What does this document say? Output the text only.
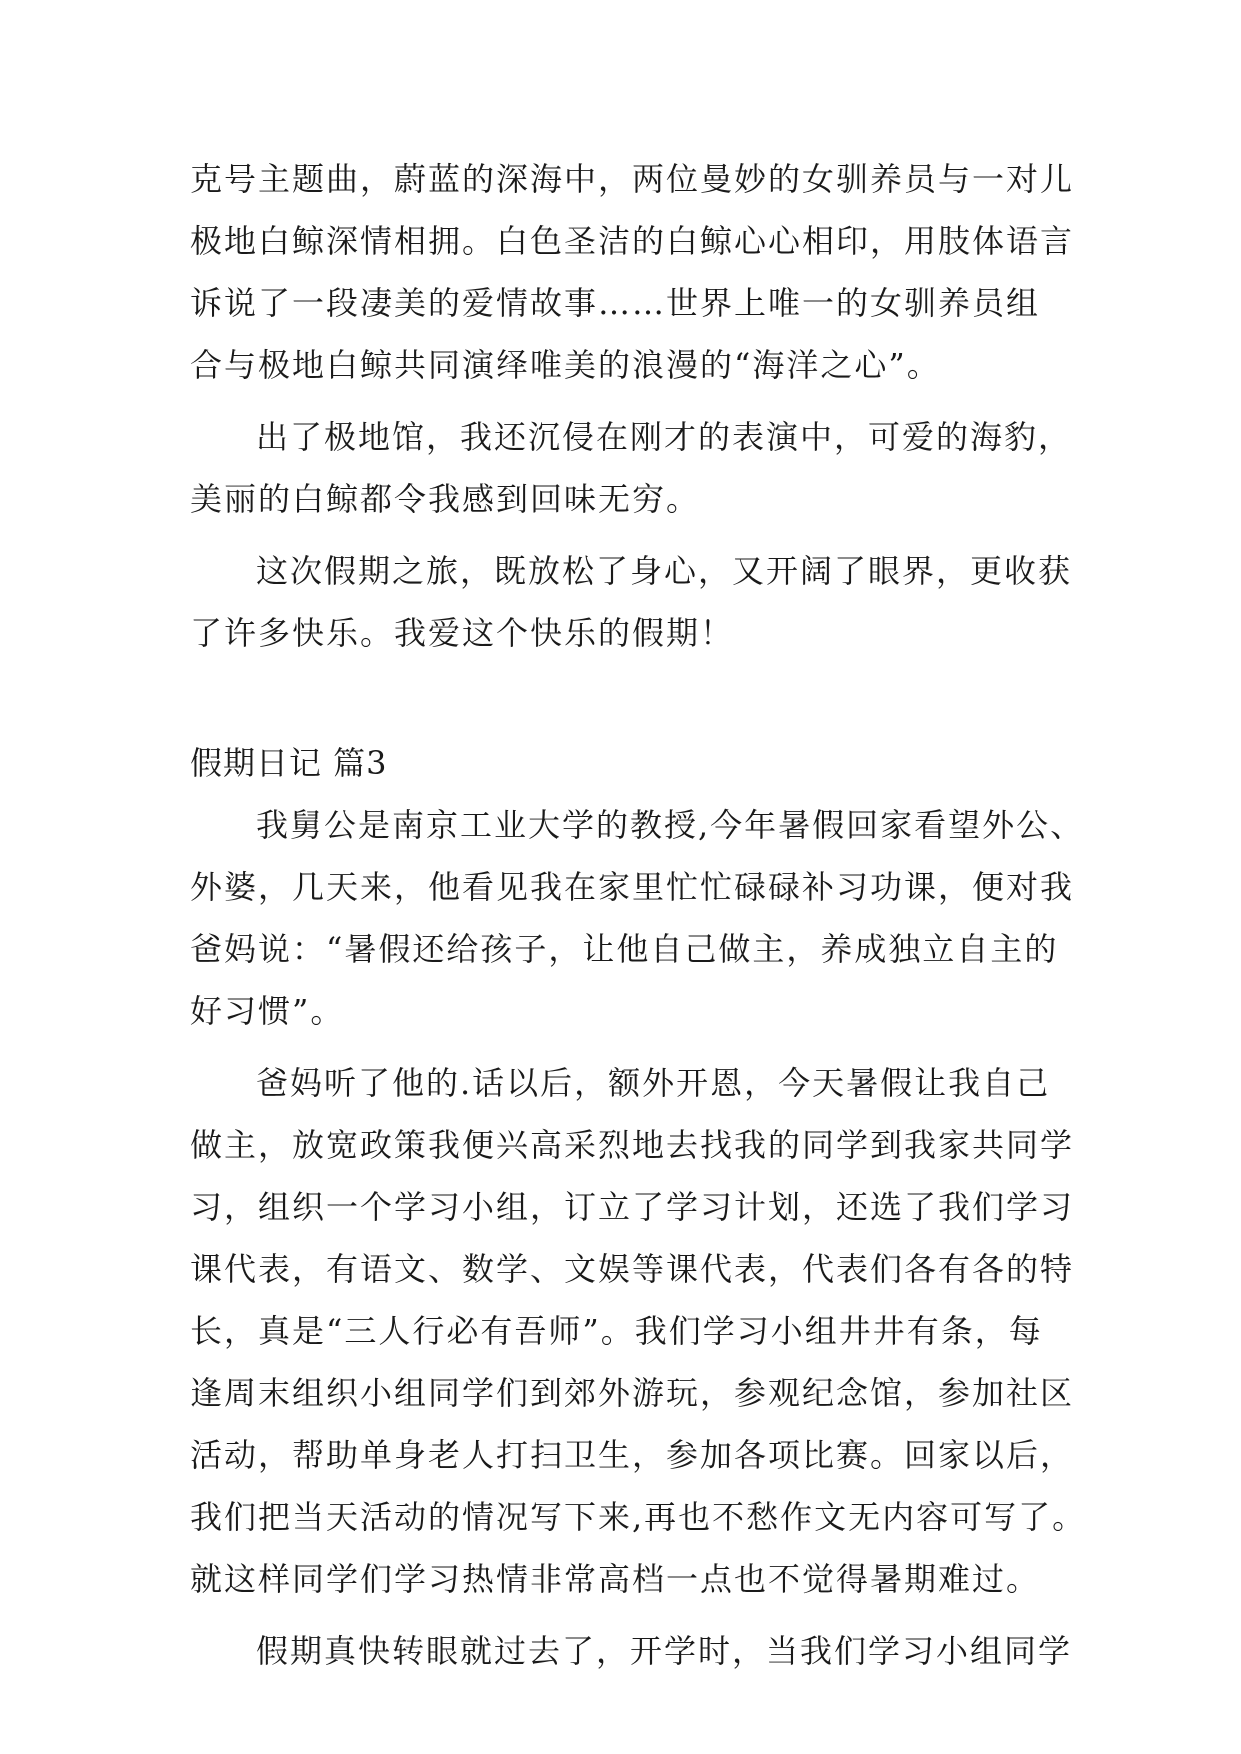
克号主题曲，蔚蓝的深海中，两位曼妙的女驯养员与一对儿
极地白鲸深情相拥。白色圣洁的白鲸心心相印，用肢体语言
诉说了一段凄美的爱情故事……世界上唯一的女驯养员组
合与极地白鲸共同演绎唯美的浪漫的“海洋之心”。
出了极地馆，我还沉侵在刚才的表演中，可爱的海豹，
美丽的白鲸都令我感到回味无穷。
这次假期之旅，既放松了身心，又开阔了眼界，更收获
了许多快乐。我爱这个快乐的假期！
假期日记 篇3
我舅公是南京工业大学的教授,今年暑假回家看望外公、
外婆，几天来，他看见我在家里忙忙碌碌补习功课，便对我
爸妈说：“暑假还给孩子，让他自己做主，养成独立自主的
好习惯”。
爸妈听了他的.话以后，额外开恩，今天暑假让我自己
做主，放宽政策我便兴高采烈地去找我的同学到我家共同学
习，组织一个学习小组，订立了学习计划，还选了我们学习
课代表，有语文、数学、文娱等课代表，代表们各有各的特
长，真是“三人行必有吾师”。我们学习小组井井有条，每
逢周末组织小组同学们到郊外游玩，参观纪念馆，参加社区
活动，帮助单身老人打扫卫生，参加各项比赛。回家以后，
我们把当天活动的情况写下来,再也不愁作文无内容可写了。
就这样同学们学习热情非常高档一点也不觉得暑期难过。
假期真快转眼就过去了，开学时，当我们学习小组同学
